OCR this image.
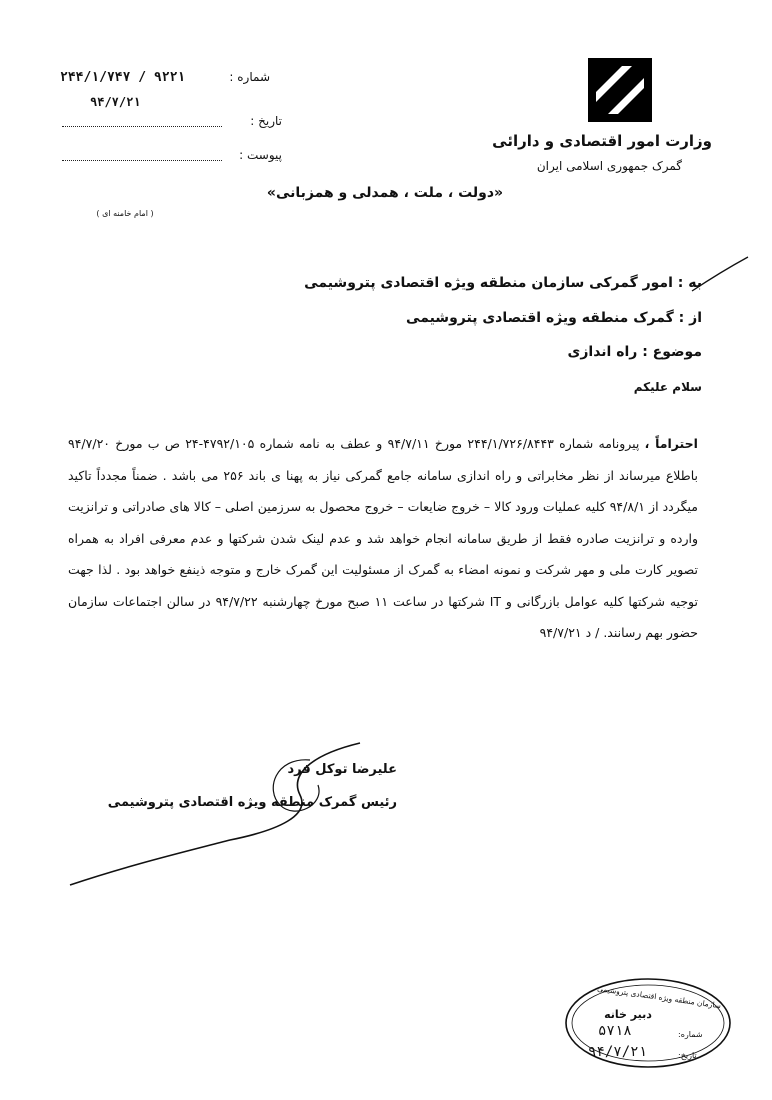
وزارت امور اقتصادی و دارائی
گمرک جمهوری اسلامی ایران
۲۴۴/۱/۷۴۷ / ۹۲۲۱	شماره :
۹۴/۷/۲۱
تاریخ :
پیوست :
«دولت ، ملت ، همدلی و همزبانی»
( امام خامنه ای )
به : امور گمرکی سازمان منطقه ویژه اقتصادی پتروشیمی
از : گمرک منطقه ویژه اقتصادی پتروشیمی
موضوع : راه اندازی
سلام علیکم
احتراماً ، پیرونامه شماره ۲۴۴/۱/۷۲۶/۸۴۴۳ مورخ ۹۴/۷/۱۱ و عطف به نامه شماره ۴۷۹۲/۱۰۵-۲۴ ص ب مورخ ۹۴/۷/۲۰ باطلاع میرساند از نظر مخابراتی و راه اندازی سامانه جامع گمرکی نیاز به پهنا ی باند ۲۵۶ می باشد . ضمناً مجدداً تاکید میگردد از ۹۴/۸/۱ کلیه عملیات ورود کالا – خروج ضایعات – خروج محصول به سرزمین اصلی – کالا های صادراتی و ترانزیت وارده و ترانزیت صادره فقط از طریق سامانه انجام خواهد شد و عدم لینک شدن شرکتها و عدم معرفی افراد به همراه تصویر کارت ملی و مهر شرکت و نمونه امضاء به گمرک از مسئولیت این گمرک خارج و متوجه ذینفع خواهد بود . لذا جهت توجیه شرکتها کلیه عوامل بازرگانی و IT شرکتها در ساعت ۱۱ صبح مورخ چهارشنبه ۹۴/۷/۲۲ در سالن اجتماعات سازمان حضور بهم رسانند. / د ۹۴/۷/۲۱
علیرضا توکل فرد
رئیس گمرک منطقه ویژه اقتصادی پتروشیمی
سازمان منطقه ویژه اقتصادی پتروشیمی
دبیر خانه
شماره:
۵۷۱۸
تاریخ:
۹۴/۷/۲۱
